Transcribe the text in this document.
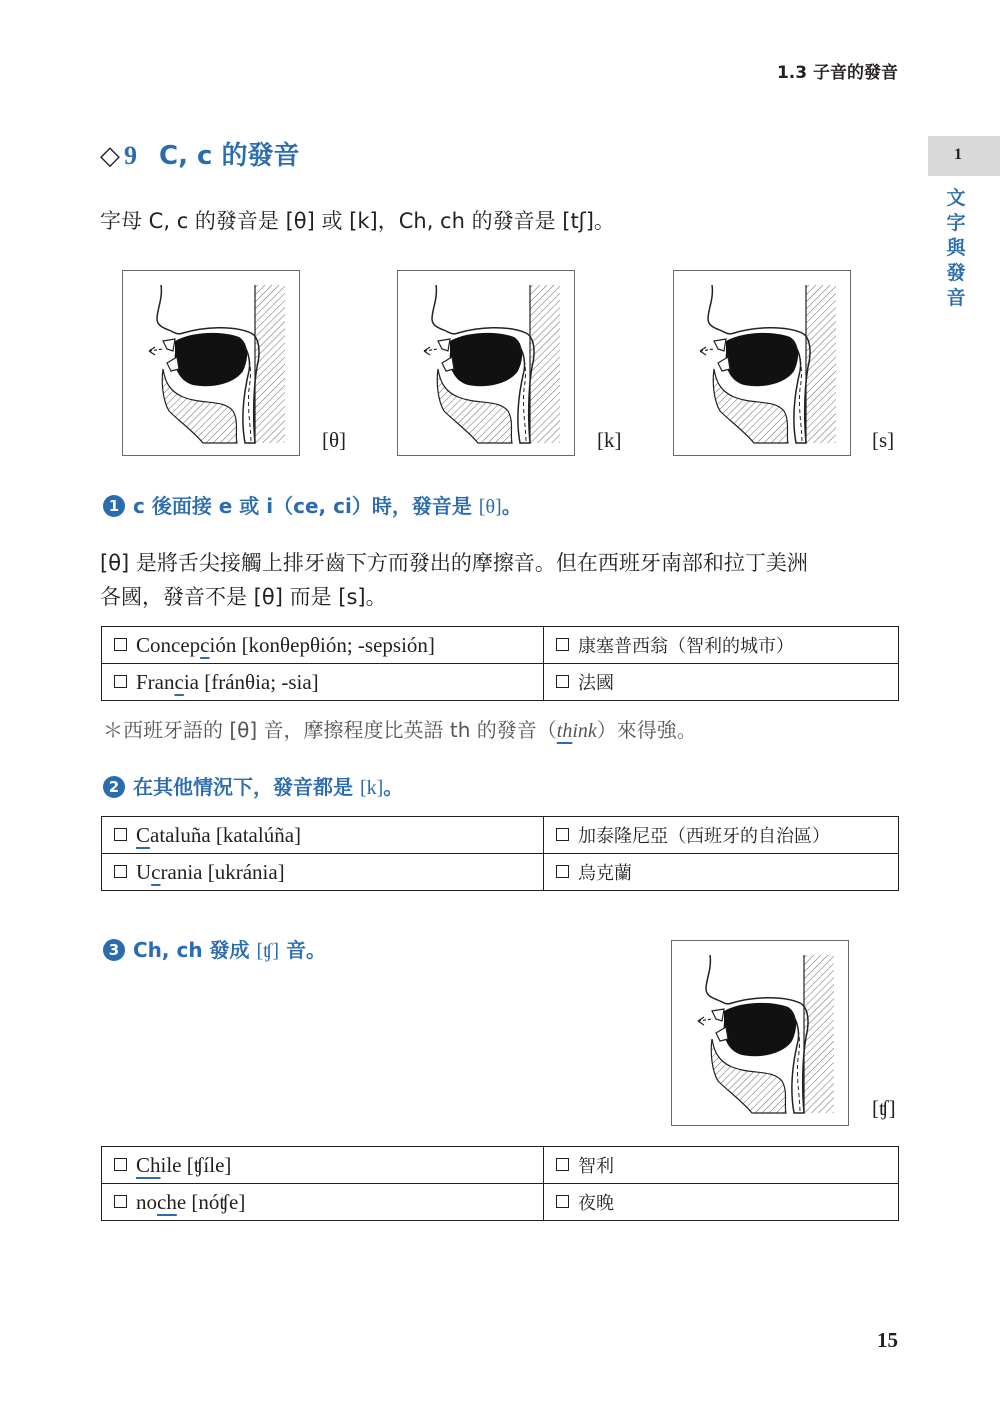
1.3 子音的發音
1
文字與發音
◇ 9 C, c 的發音
字母 C, c 的發音是 [θ] 或 [k]，Ch, ch 的發音是 [tʃ]。
[θ]	[k]	[s]
1 c 後面接 e 或 i（ce, ci）時，發音是 [θ]。
[θ] 是將舌尖接觸上排牙齒下方而發出的摩擦音。但在西班牙南部和拉丁美洲
各國，發音不是 [θ] 而是 [s]。
Concepción [konθepθión; -sepsión]	康塞普西翁（智利的城市）
Francia [fránθia; -sia]	法國
＊西班牙語的 [θ] 音，摩擦程度比英語 th 的發音（think）來得強。
2 在其他情況下，發音都是 [k]。
Cataluña [katalúña]	加泰隆尼亞（西班牙的自治區）
Ucrania [ukránia]	烏克蘭
3 Ch, ch 發成 [ʧ] 音。
[ʧ]
Chile [ʧíle]	智利
noche [nóʧe]	夜晚
15
